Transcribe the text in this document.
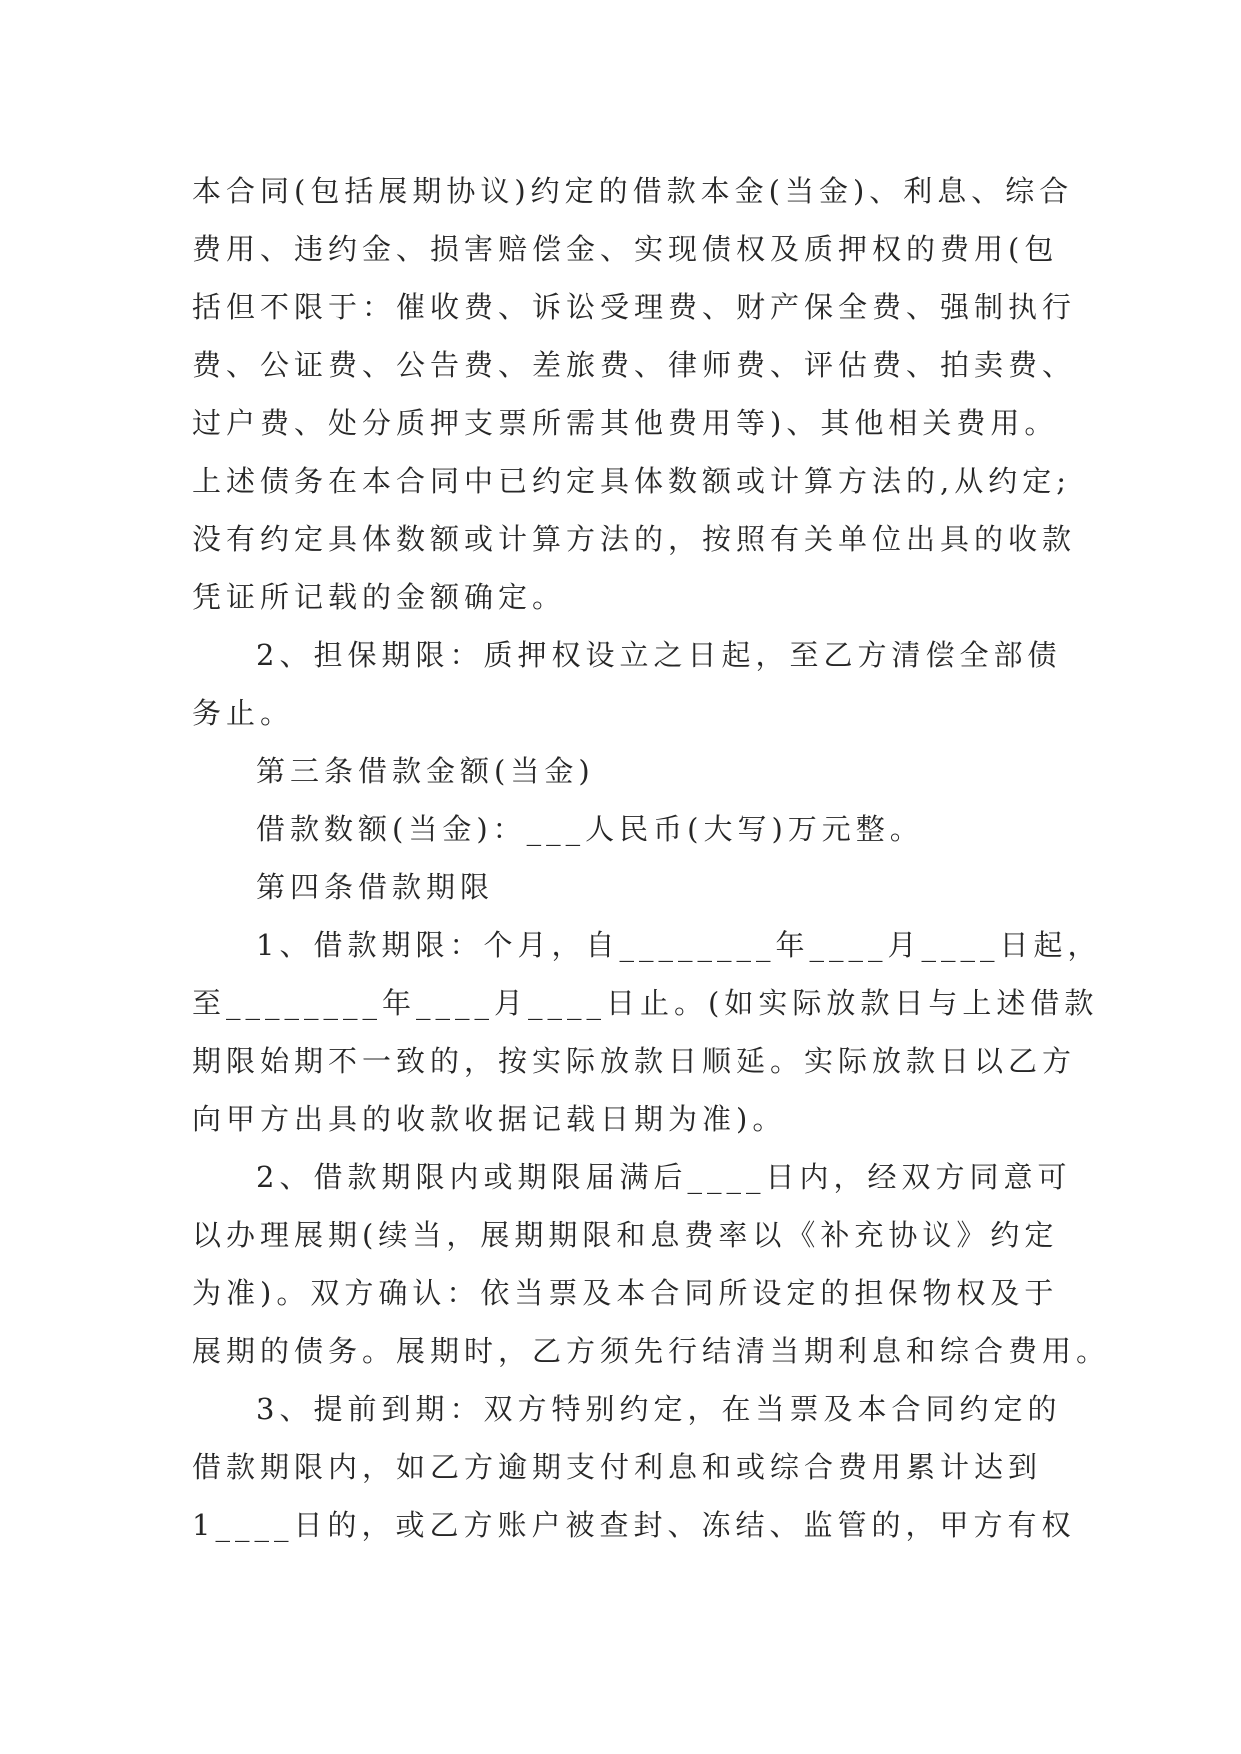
本合同(包括展期协议)约定的借款本金(当金)、利息、综合
费用、违约金、损害赔偿金、实现债权及质押权的费用(包
括但不限于：催收费、诉讼受理费、财产保全费、强制执行
费、公证费、公告费、差旅费、律师费、评估费、拍卖费、
过户费、处分质押支票所需其他费用等)、其他相关费用。
上述债务在本合同中已约定具体数额或计算方法的,从约定;
没有约定具体数额或计算方法的，按照有关单位出具的收款
凭证所记载的金额确定。
2、担保期限：质押权设立之日起，至乙方清偿全部债
务止。
第三条借款金额(当金)
借款数额(当金)：___人民币(大写)万元整。
第四条借款期限
1、借款期限：个月，自________年____月____日起，
至________年____月____日止。(如实际放款日与上述借款
期限始期不一致的，按实际放款日顺延。实际放款日以乙方
向甲方出具的收款收据记载日期为准)。
2、借款期限内或期限届满后____日内，经双方同意可
以办理展期(续当，展期期限和息费率以《补充协议》约定
为准)。双方确认：依当票及本合同所设定的担保物权及于
展期的债务。展期时，乙方须先行结清当期利息和综合费用。
3、提前到期：双方特别约定，在当票及本合同约定的
借款期限内，如乙方逾期支付利息和或综合费用累计达到
1____日的，或乙方账户被查封、冻结、监管的，甲方有权
